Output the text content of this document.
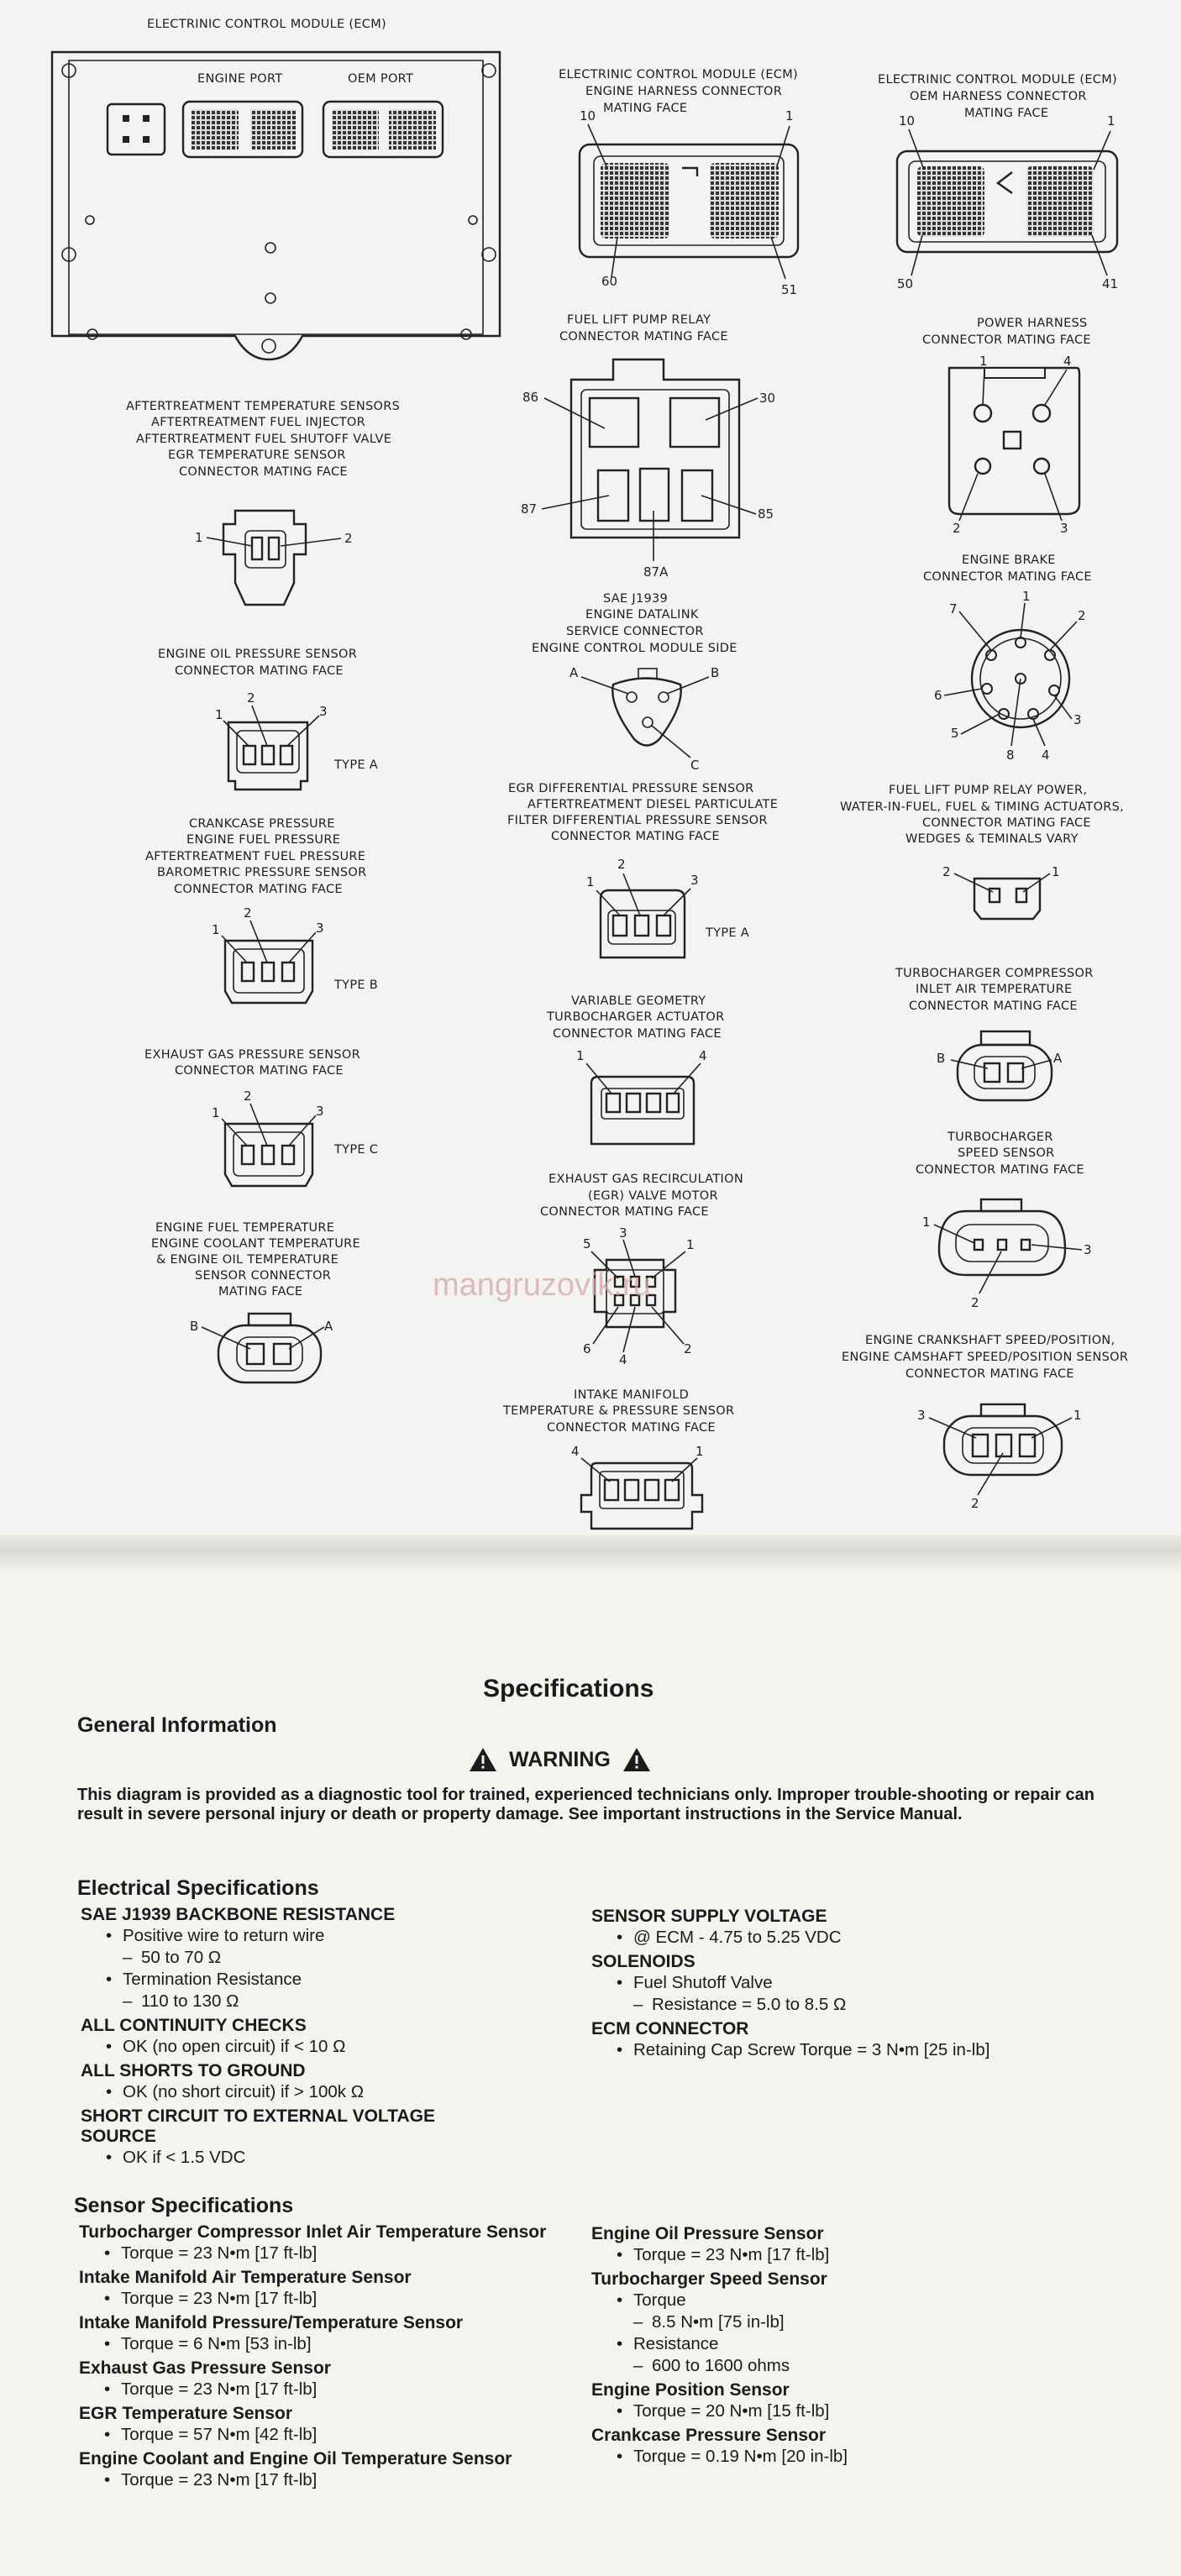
ELECTRINIC CONTROL MODULE (ECM)
ENGINE PORT	OEM PORT	ELECTRINIC CONTROL MODULE (ECM)
ENGINE HARNESS CONNECTOR
MATING FACE
10	1
60
51
ELECTRINIC CONTROL MODULE (ECM)
OEM HARNESS CONNECTOR
MATING FACE
10	1
50	41
FUEL LIFT PUMP RELAY
CONNECTOR MATING FACE
86	30
87	85
87A
POWER HARNESS
CONNECTOR MATING FACE
1	4
2	3
AFTERTREATMENT TEMPERATURE SENSORS
AFTERTREATMENT FUEL INJECTOR
AFTERTREATMENT FUEL SHUTOFF VALVE
EGR TEMPERATURE SENSOR
CONNECTOR MATING FACE
1	2
ENGINE BRAKE
CONNECTOR MATING FACE
7
1
2
6
3
5
8 4
SAE J1939
ENGINE DATALINK
SERVICE CONNECTOR
ENGINE CONTROL MODULE SIDE
A	B
C
ENGINE OIL PRESSURE SENSOR
CONNECTOR MATING FACE
1
2
3
TYPE A
EGR DIFFERENTIAL PRESSURE SENSOR
AFTERTREATMENT DIESEL PARTICULATE
FILTER DIFFERENTIAL PRESSURE SENSOR
CONNECTOR MATING FACE
2
1	3
TYPE A
FUEL LIFT PUMP RELAY POWER,
WATER-IN-FUEL, FUEL & TIMING ACTUATORS,
CONNECTOR MATING FACE
WEDGES & TEMINALS VARY
2	1
CRANKCASE PRESSURE
ENGINE FUEL PRESSURE
AFTERTREATMENT FUEL PRESSURE
BAROMETRIC PRESSURE SENSOR
CONNECTOR MATING FACE
1
2
3
TYPE B
VARIABLE GEOMETRY
TURBOCHARGER ACTUATOR
CONNECTOR MATING FACE
1	4
TURBOCHARGER COMPRESSOR
INLET AIR TEMPERATURE
CONNECTOR MATING FACE
B	A
EXHAUST GAS PRESSURE SENSOR
CONNECTOR MATING FACE
1
2
3
TYPE C
EXHAUST GAS RECIRCULATION
(EGR) VALVE MOTOR
CONNECTOR MATING FACE
5
3
1
6
4
2
TURBOCHARGER
SPEED SENSOR
CONNECTOR MATING FACE
1
3
2
ENGINE FUEL TEMPERATURE
ENGINE COOLANT TEMPERATURE
& ENGINE OIL TEMPERATURE
SENSOR CONNECTOR
MATING FACE
B	A
ENGINE CRANKSHAFT SPEED/POSITION,
ENGINE CAMSHAFT SPEED/POSITION SENSOR
CONNECTOR MATING FACE
3	1
2
INTAKE MANIFOLD
TEMPERATURE & PRESSURE SENSOR
CONNECTOR MATING FACE
4	1
mangruzovik.ru
Specifications
General Information
WARNING
This diagram is provided as a diagnostic tool for trained, experienced technicians only. Improper trouble-shooting or repair can result in severe personal injury or death or property damage. See important instructions in the Service Manual.
Electrical Specifications
SAE J1939 BACKBONE RESISTANCE
• Positive wire to return wire
– 50 to 70 Ω
• Termination Resistance
– 110 to 130 Ω
ALL CONTINUITY CHECKS
• OK (no open circuit) if < 10 Ω
ALL SHORTS TO GROUND
• OK (no short circuit) if > 100k Ω
SHORT CIRCUIT TO EXTERNAL VOLTAGE SOURCE
• OK if < 1.5 VDC
SENSOR SUPPLY VOLTAGE
• @ ECM - 4.75 to 5.25 VDC
SOLENOIDS
• Fuel Shutoff Valve
– Resistance = 5.0 to 8.5 Ω
ECM CONNECTOR
• Retaining Cap Screw Torque = 3 N•m [25 in-lb]
Sensor Specifications
Turbocharger Compressor Inlet Air Temperature Sensor
• Torque = 23 N•m [17 ft-lb]
Intake Manifold Air Temperature Sensor
• Torque = 23 N•m [17 ft-lb]
Intake Manifold Pressure/Temperature Sensor
• Torque = 6 N•m [53 in-lb]
Exhaust Gas Pressure Sensor
• Torque = 23 N•m [17 ft-lb]
EGR Temperature Sensor
• Torque = 57 N•m [42 ft-lb]
Engine Coolant and Engine Oil Temperature Sensor
• Torque = 23 N•m [17 ft-lb]
Engine Oil Pressure Sensor
• Torque = 23 N•m [17 ft-lb]
Turbocharger Speed Sensor
• Torque
– 8.5 N•m [75 in-lb]
• Resistance
– 600 to 1600 ohms
Engine Position Sensor
• Torque = 20 N•m [15 ft-lb]
Crankcase Pressure Sensor
• Torque = 0.19 N•m [20 in-lb]
